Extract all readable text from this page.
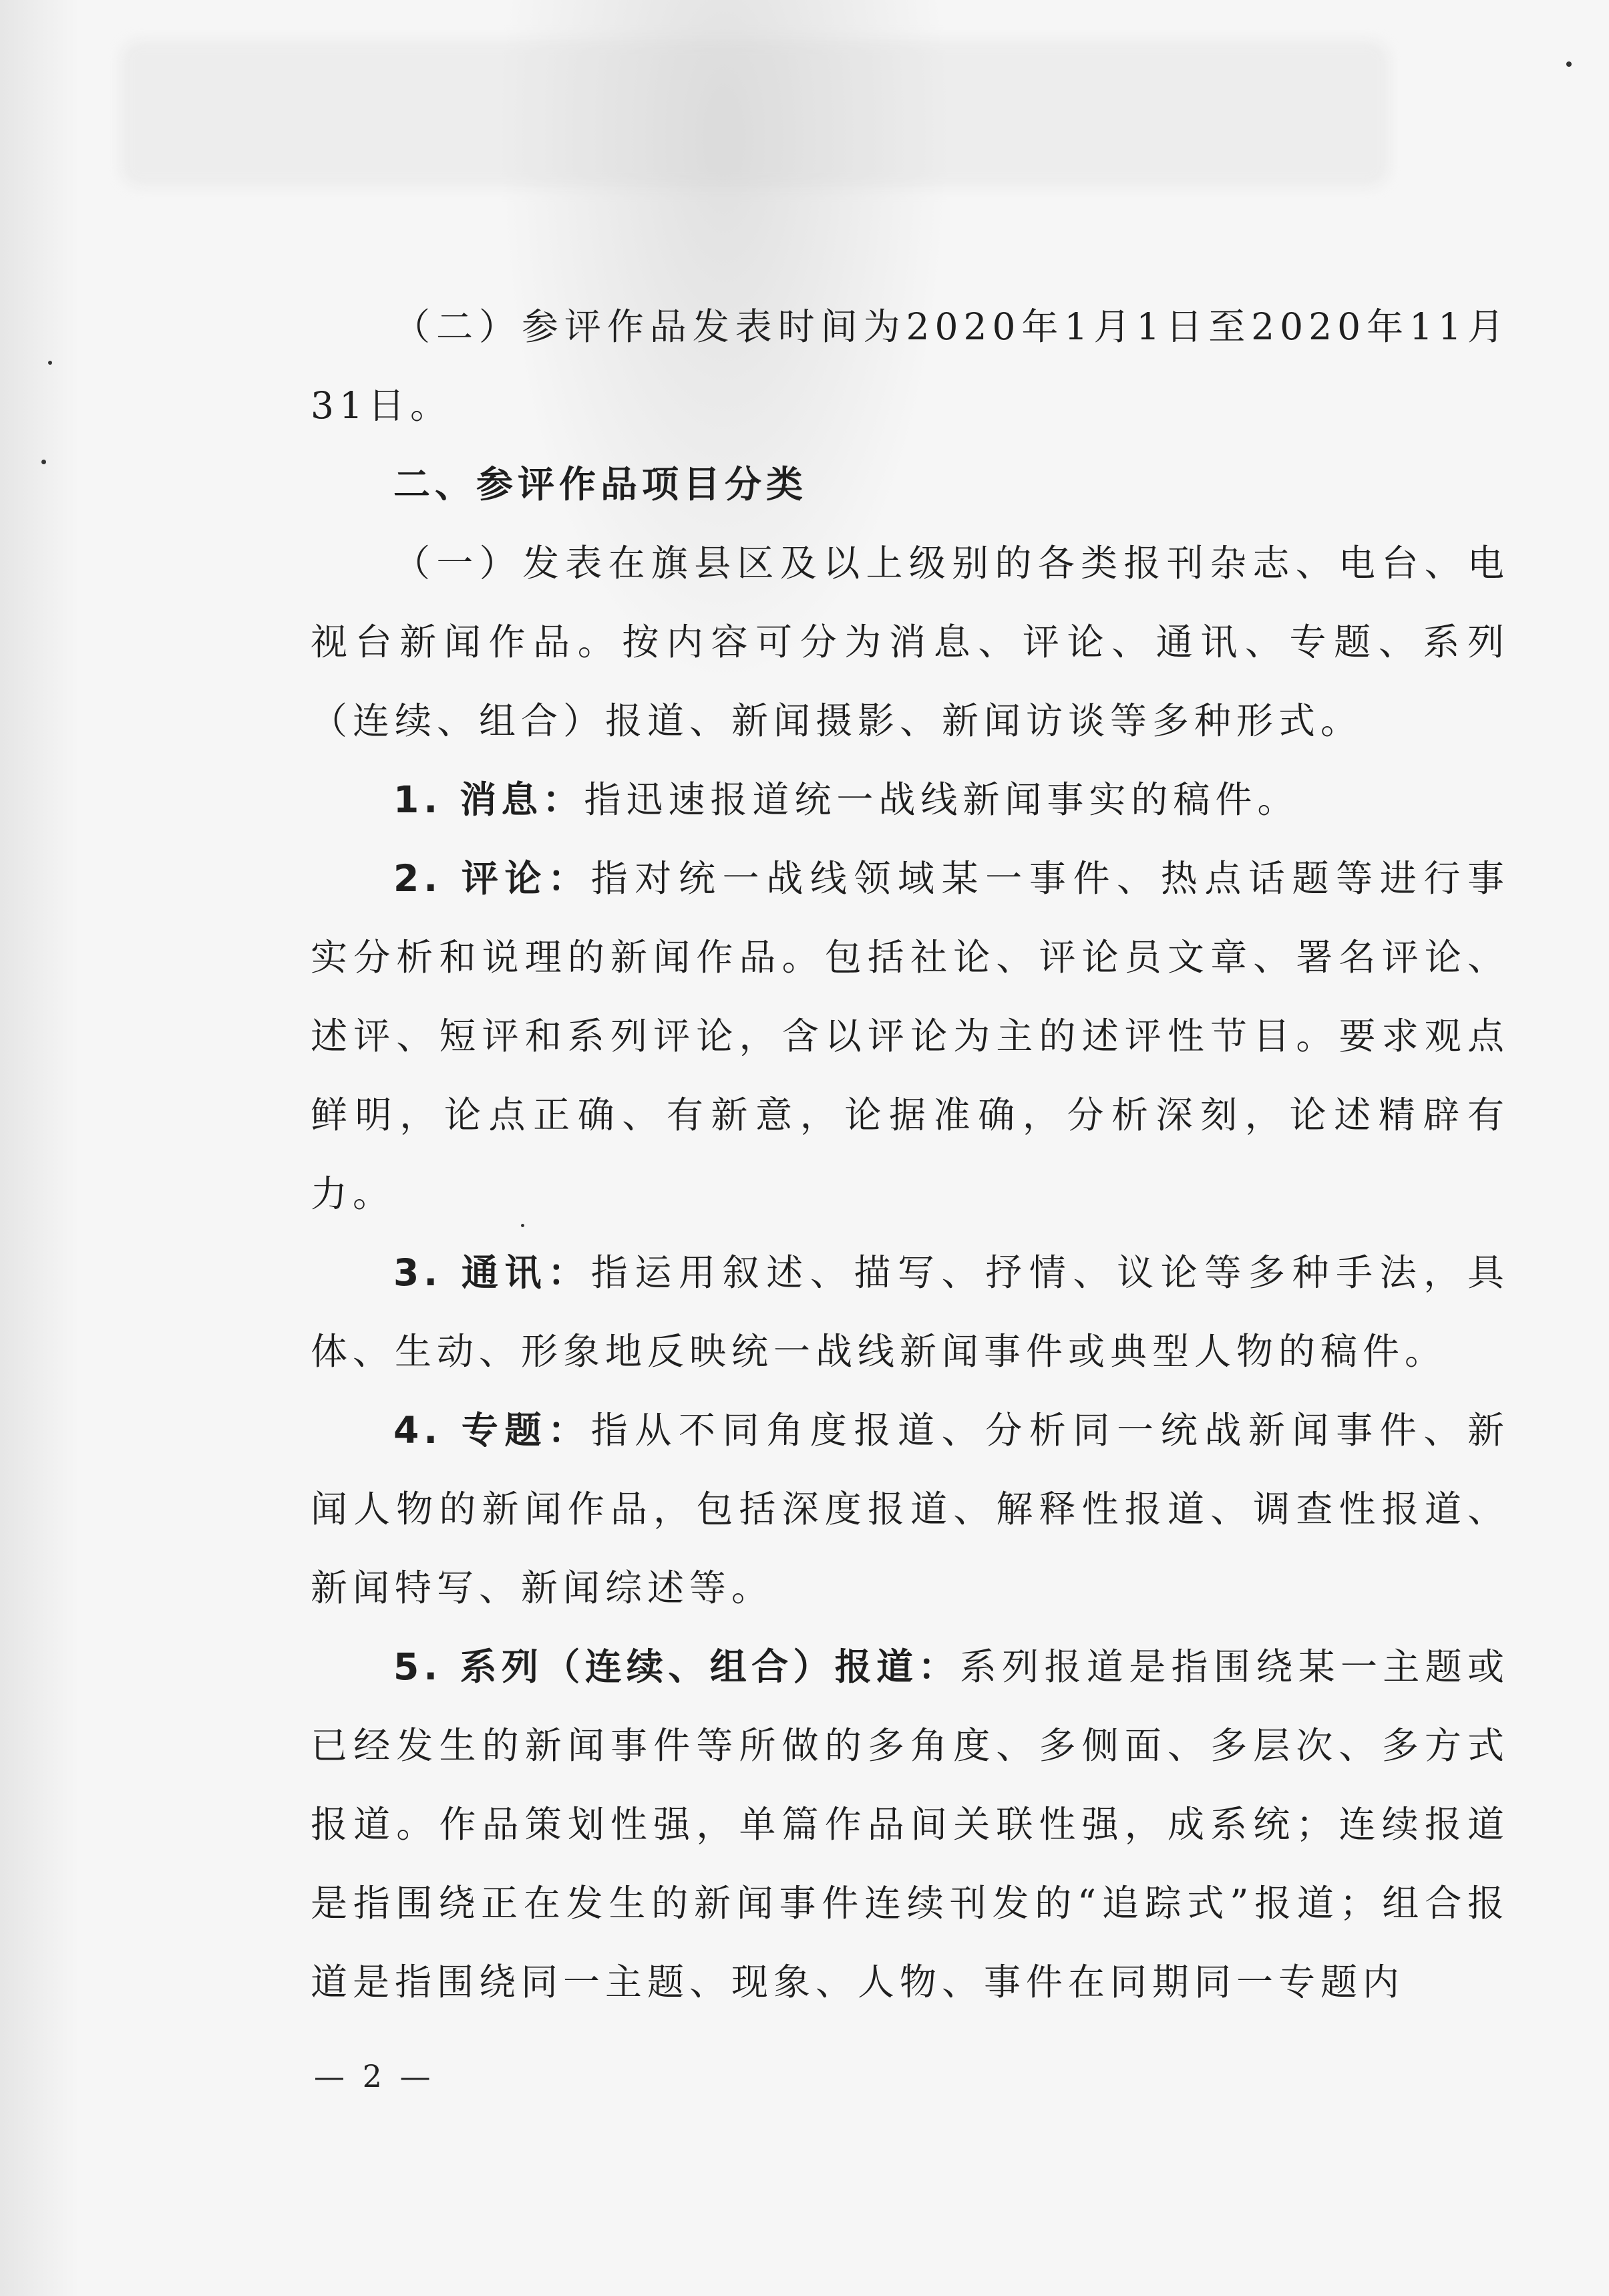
（二）参评作品发表时间为2020年1月1日至2020年11月31日。

二、参评作品项目分类

（一）发表在旗县区及以上级别的各类报刊杂志、电台、电视台新闻作品。按内容可分为消息、评论、通讯、专题、系列（连续、组合）报道、新闻摄影、新闻访谈等多种形式。

1. 消息：指迅速报道统一战线新闻事实的稿件。

2. 评论：指对统一战线领域某一事件、热点话题等进行事实分析和说理的新闻作品。包括社论、评论员文章、署名评论、述评、短评和系列评论，含以评论为主的述评性节目。要求观点鲜明，论点正确、有新意，论据准确，分析深刻，论述精辟有力。

3. 通讯：指运用叙述、描写、抒情、议论等多种手法，具体、生动、形象地反映统一战线新闻事件或典型人物的稿件。

4. 专题：指从不同角度报道、分析同一统战新闻事件、新闻人物的新闻作品，包括深度报道、解释性报道、调查性报道、新闻特写、新闻综述等。

5. 系列（连续、组合）报道：系列报道是指围绕某一主题或已经发生的新闻事件等所做的多角度、多侧面、多层次、多方式报道。作品策划性强，单篇作品间关联性强，成系统；连续报道是指围绕正在发生的新闻事件连续刊发的“追踪式”报道；组合报道是指围绕同一主题、现象、人物、事件在同期同一专题内

— 2 —
